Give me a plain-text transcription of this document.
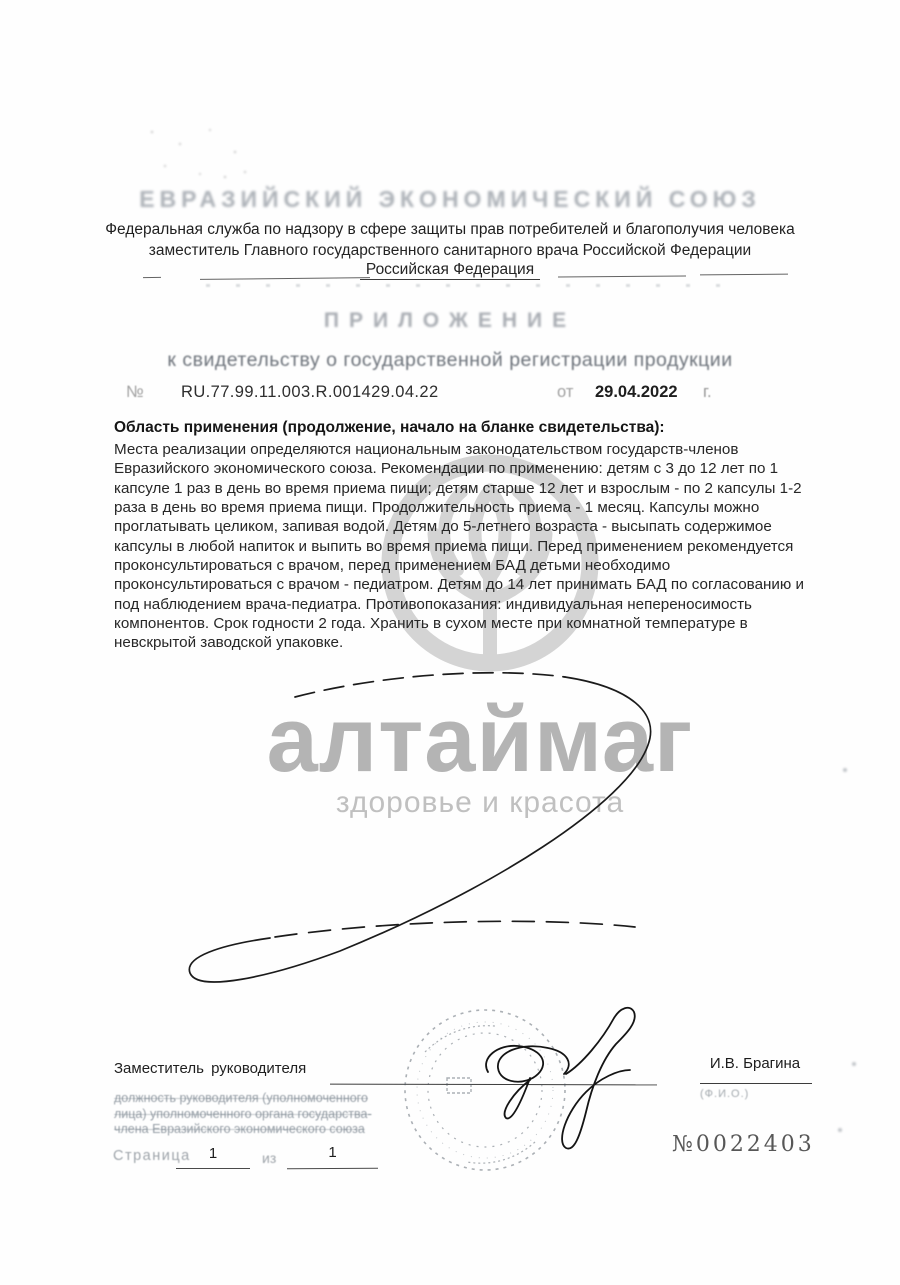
ЕВРАЗИЙСКИЙ ЭКОНОМИЧЕСКИЙ СОЮЗ
Федеральная служба по надзору в сфере защиты прав потребителей и благополучия человека
заместитель Главного государственного санитарного врача Российской Федерации
Российская Федерация
ПРИЛОЖЕНИЕ
к свидетельству о государственной регистрации продукции
№ RU.77.99.11.003.R.001429.04.22	от 29.04.2022 г.
Область применения (продолжение, начало на бланке свидетельства):
Места реализации определяются национальным законодательством государств-членов
Евразийского экономического союза. Рекомендации по применению: детям с 3 до 12 лет по 1
капсуле 1 раз в день во время приема пищи; детям старше 12 лет и взрослым - по 2 капсулы 1-2
раза в день во время приема пищи. Продолжительность приема - 1 месяц. Капсулы можно
проглатывать целиком, запивая водой. Детям до 5-летнего возраста - высыпать содержимое
капсулы в любой напиток и выпить во время приема пищи. Перед применением рекомендуется
проконсультироваться с врачом, перед применением БАД детьми необходимо
проконсультироваться с врачом - педиатром. Детям до 14 лет принимать БАД по согласованию и
под наблюдением врача-педиатра. Противопоказания: индивидуальная непереносимость
компонентов. Срок годности 2 года. Хранить в сухом месте при комнатной температуре в
невскрытой заводской упаковке.
алтаймаг
здоровье и красота
Заместитель руководителя	И.В. Брагина
(Ф.И.О.)
должность руководителя (уполномоченного
лица) уполномоченного органа государства-
члена Евразийского экономического союза
Страница	1	из	1	№0022403
